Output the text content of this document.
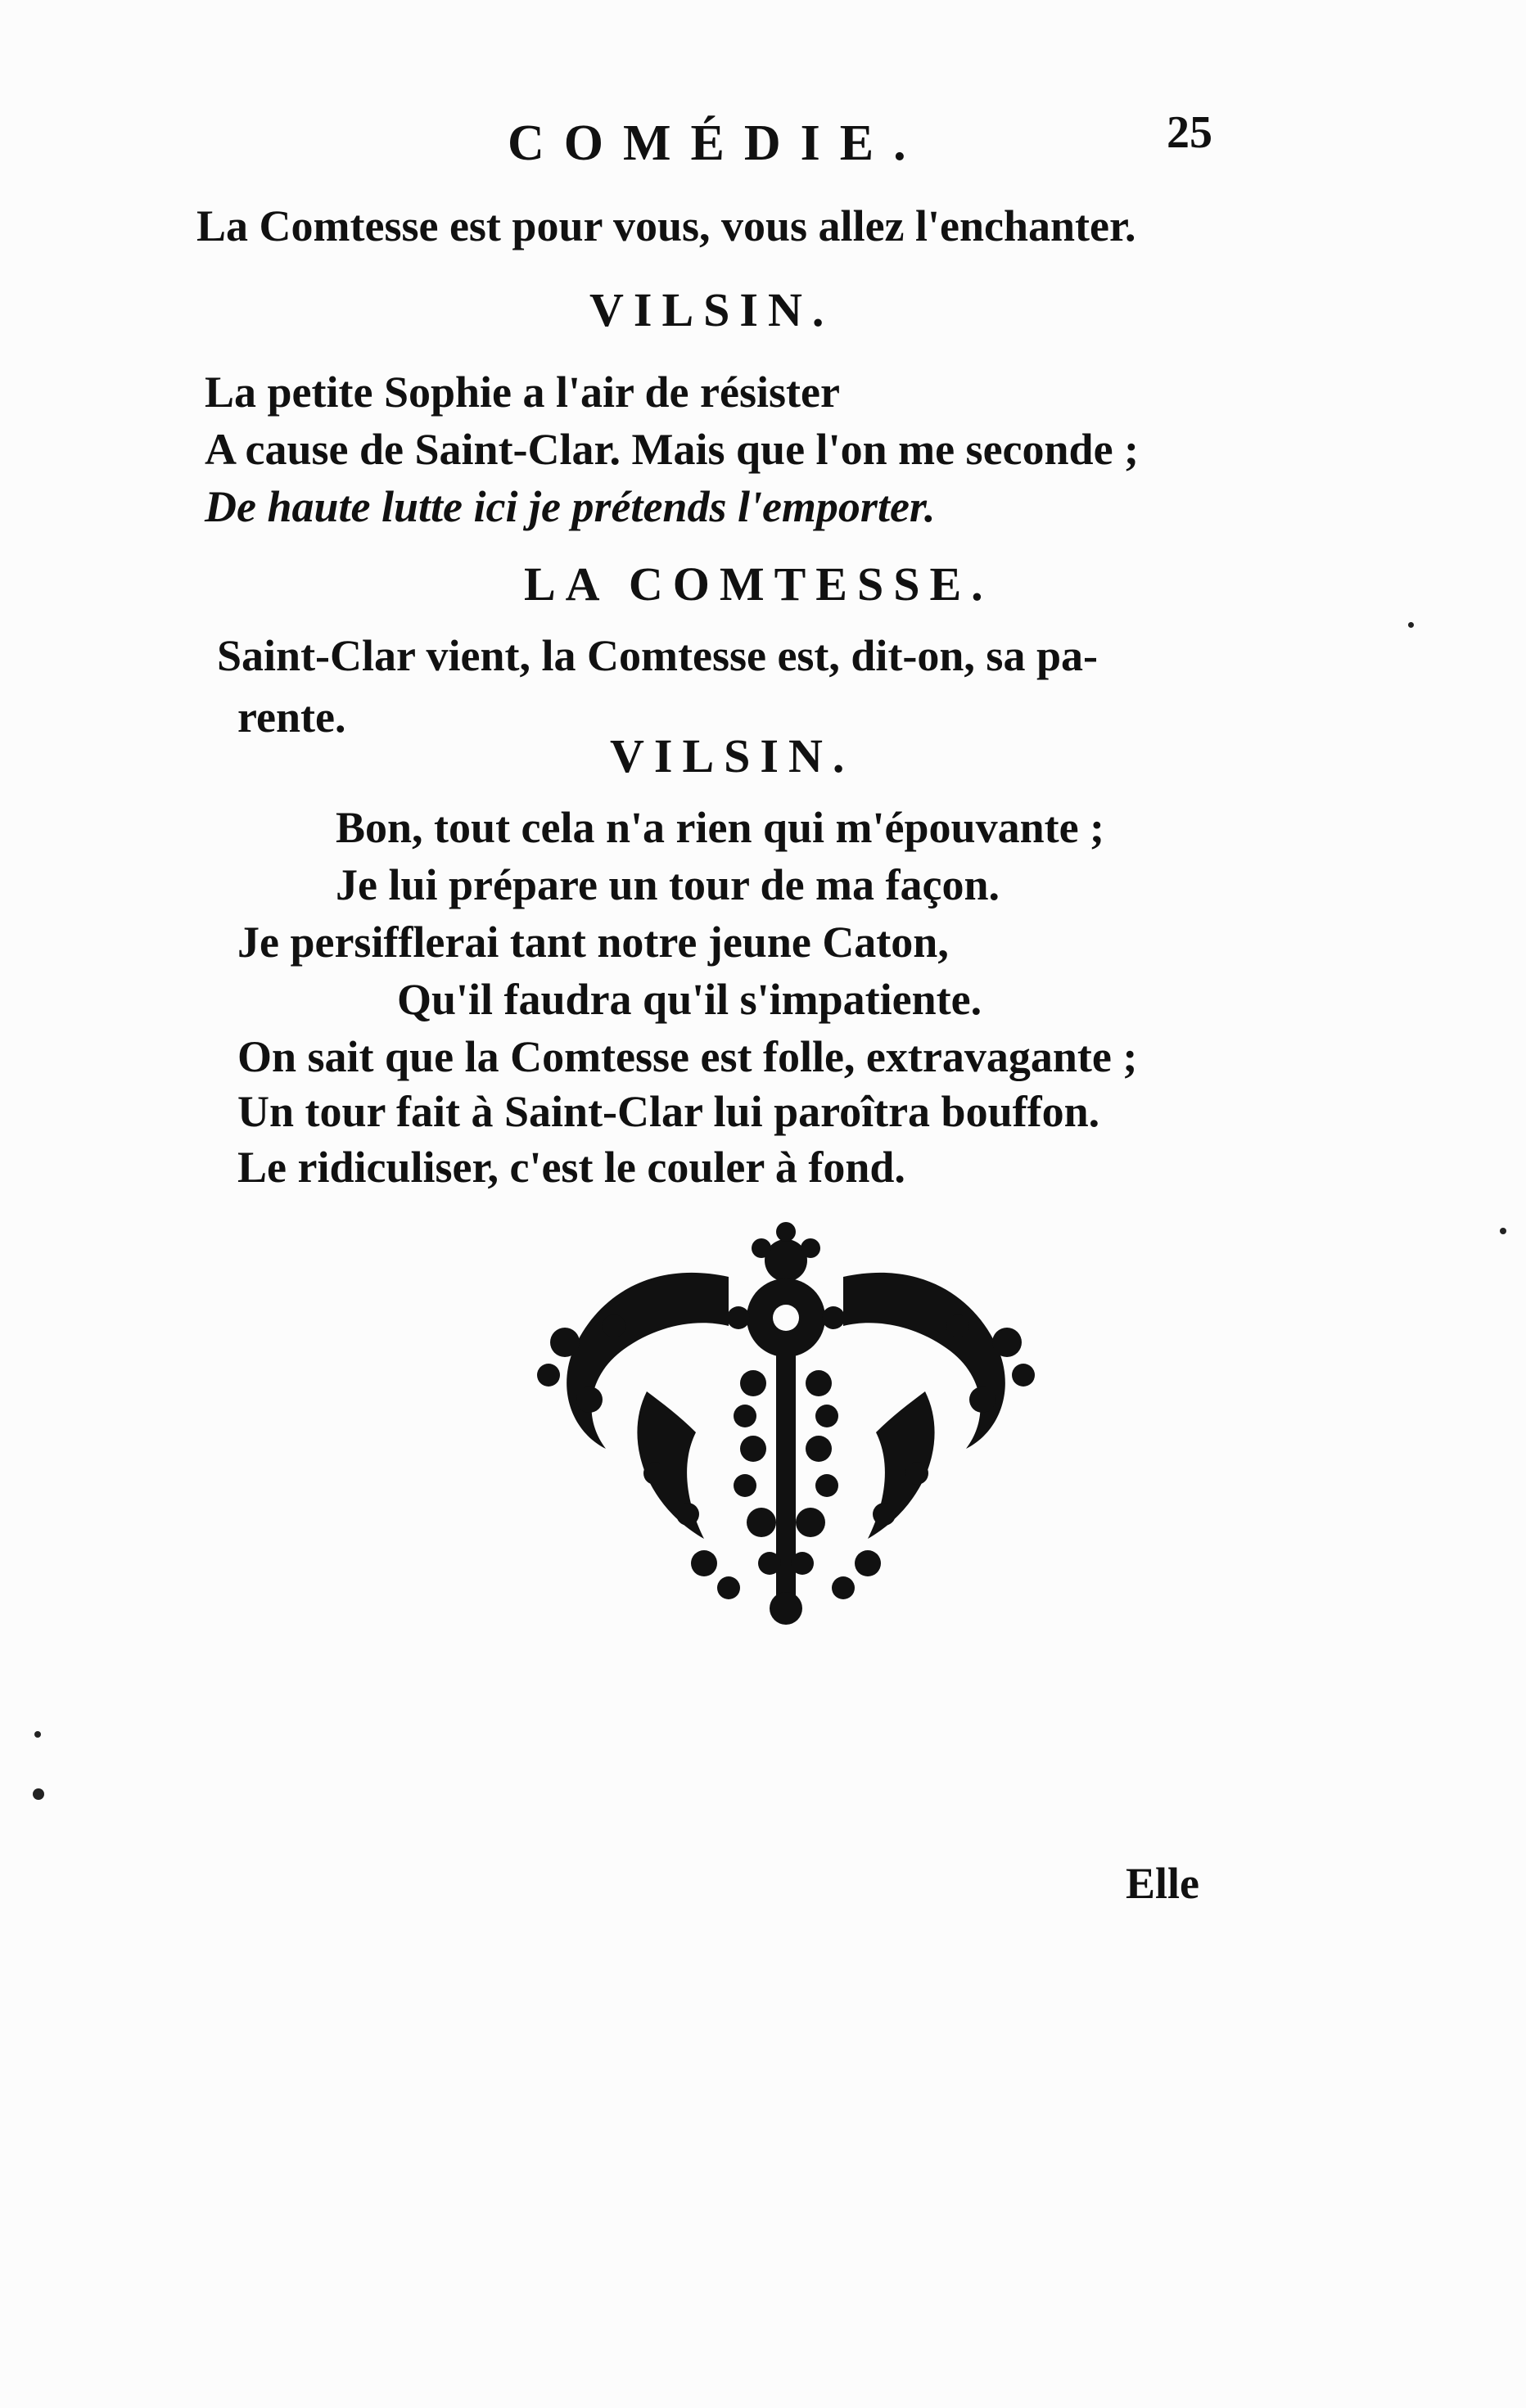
COMÉDIE.	25
La Comtesse est pour vous, vous allez l'enchanter.
VILSIN.
La petite Sophie a l'air de résister
A cause de Saint-Clar. Mais que l'on me seconde ;
De haute lutte ici je prétends l'emporter.
LA COMTESSE.
Saint-Clar vient, la Comtesse est, dit-on, sa pa-
rente.
VILSIN.
Bon, tout cela n'a rien qui m'épouvante ;
Je lui prépare un tour de ma façon.
Je persifflerai tant notre jeune Caton,
Qu'il faudra qu'il s'impatiente.
On sait que la Comtesse est folle, extravagante ;
Un tour fait à Saint-Clar lui paroîtra bouffon.
Le ridiculiser, c'est le couler à fond.
Elle
